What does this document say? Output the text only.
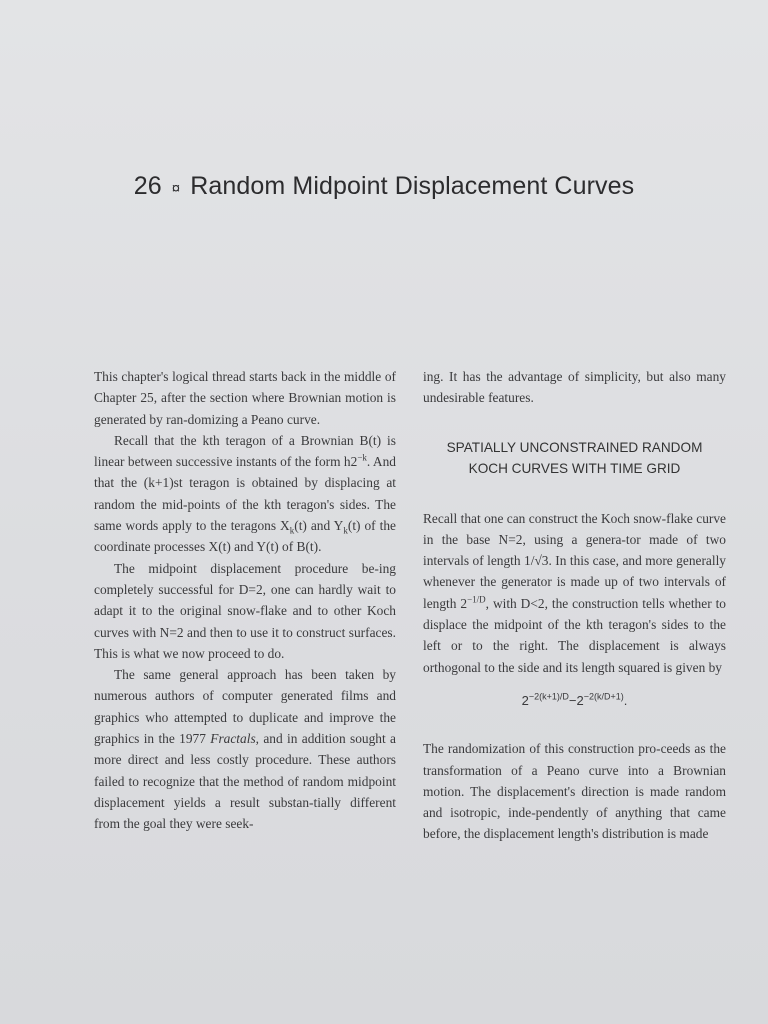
26 ¤ Random Midpoint Displacement Curves

This chapter's logical thread starts back in the middle of Chapter 25, after the section where Brownian motion is generated by ran-domizing a Peano curve.

Recall that the kth teragon of a Brownian B(t) is linear between successive instants of the form $h2^{-k}$. And that the (k+1)st teragon is obtained by displacing at random the mid-points of the kth teragon's sides. The same words apply to the teragons $X_k(t)$ and $Y_k(t)$ of the coordinate processes X(t) and Y(t) of B(t).

The midpoint displacement procedure be-ing completely successful for D=2, one can hardly wait to adapt it to the original snow-flake and to other Koch curves with N=2 and then to use it to construct surfaces. This is what we now proceed to do.

The same general approach has been taken by numerous authors of computer generated films and graphics who attempted to duplicate and improve the graphics in the 1977 Fractals, and in addition sought a more direct and less costly procedure. These authors failed to recognize that the method of random midpoint displacement yields a result substan-tially different from the goal they were seek-

ing. It has the advantage of simplicity, but also many undesirable features.

SPATIALLY UNCONSTRAINED RANDOM
KOCH CURVES WITH TIME GRID

Recall that one can construct the Koch snow-flake curve in the base N=2, using a genera-tor made of two intervals of length 1/√3. In this case, and more generally whenever the generator is made up of two intervals of length $2^{-1/D}$, with D<2, the construction tells whether to displace the midpoint of the kth teragon's sides to the left or to the right. The displacement is always orthogonal to the side and its length squared is given by

$2^{-2(k+1)/D}-2^{-2(k/D+1)}$.

The randomization of this construction pro-ceeds as the transformation of a Peano curve into a Brownian motion. The displacement's direction is made random and isotropic, inde-pendently of anything that came before, the displacement length's distribution is made
